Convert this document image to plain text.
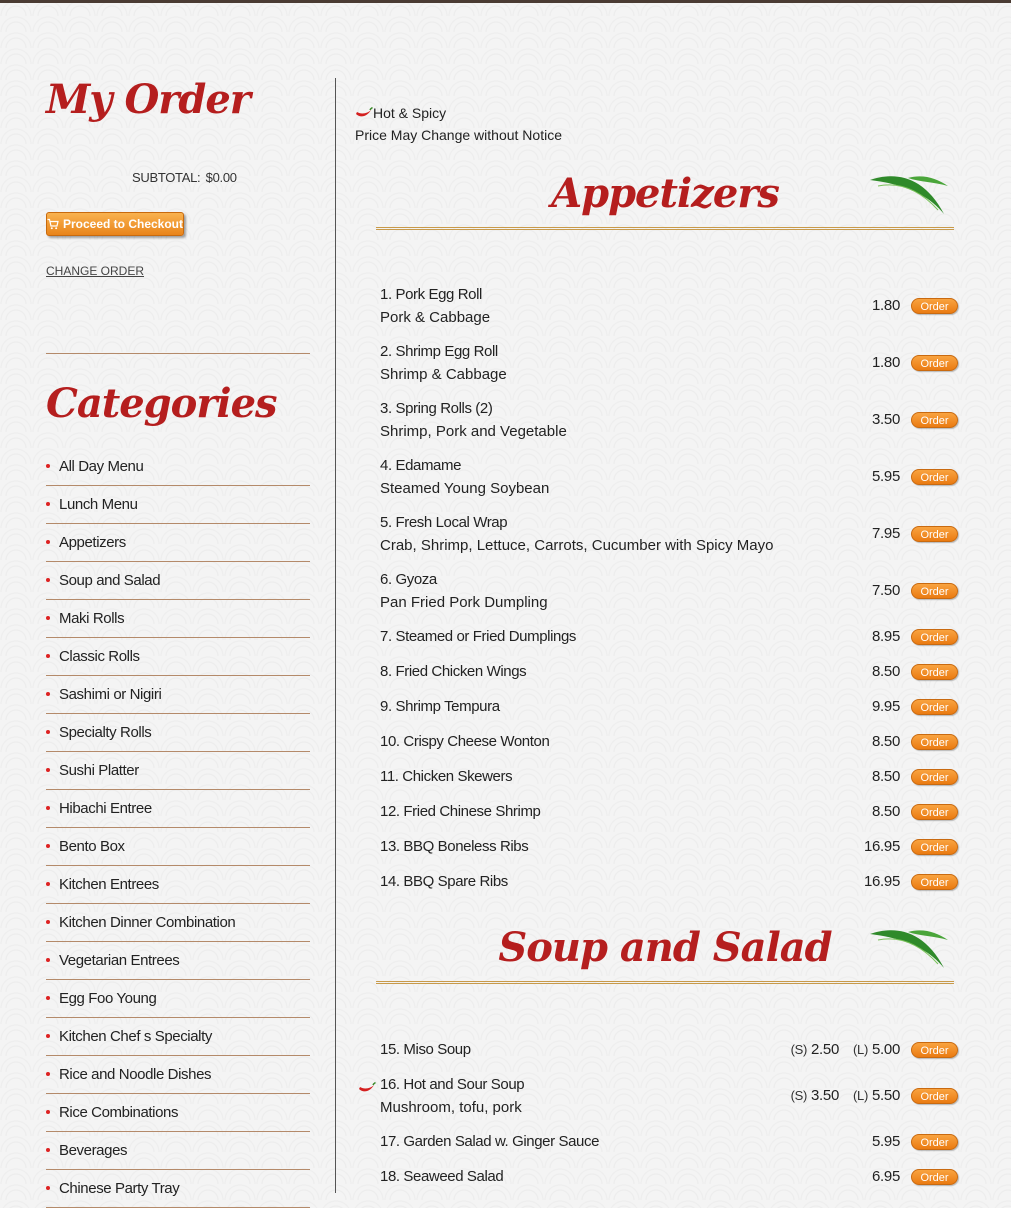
My Order
SUBTOTAL: $0.00
Proceed to Checkout
CHANGE ORDER
Categories
All Day Menu
Lunch Menu
Appetizers
Soup and Salad
Maki Rolls
Classic Rolls
Sashimi or Nigiri
Specialty Rolls
Sushi Platter
Hibachi Entree
Bento Box
Kitchen Entrees
Kitchen Dinner Combination
Vegetarian Entrees
Egg Foo Young
Kitchen Chef s Specialty
Rice and Noodle Dishes
Rice Combinations
Beverages
Chinese Party Tray
Hot & Spicy
Price May Change without Notice
Appetizers
1. Pork Egg Roll
Pork & Cabbage
1.80	Order
2. Shrimp Egg Roll
Shrimp & Cabbage
1.80	Order
3. Spring Rolls (2)
Shrimp, Pork and Vegetable
3.50	Order
4. Edamame
Steamed Young Soybean
5.95	Order
5. Fresh Local Wrap
Crab, Shrimp, Lettuce, Carrots, Cucumber with Spicy Mayo
7.95	Order
6. Gyoza
Pan Fried Pork Dumpling
7.50	Order
7. Steamed or Fried Dumplings	8.95	Order
8. Fried Chicken Wings	8.50	Order
9. Shrimp Tempura	9.95	Order
10. Crispy Cheese Wonton	8.50	Order
11. Chicken Skewers	8.50	Order
12. Fried Chinese Shrimp	8.50	Order
13. BBQ Boneless Ribs	16.95	Order
14. BBQ Spare Ribs	16.95	Order
Soup and Salad
15. Miso Soup	(S) 2.50 (L) 5.00	Order
16. Hot and Sour Soup
Mushroom, tofu, pork
(S) 3.50 (L) 5.50	Order
17. Garden Salad w. Ginger Sauce	5.95	Order
18. Seaweed Salad	6.95	Order
